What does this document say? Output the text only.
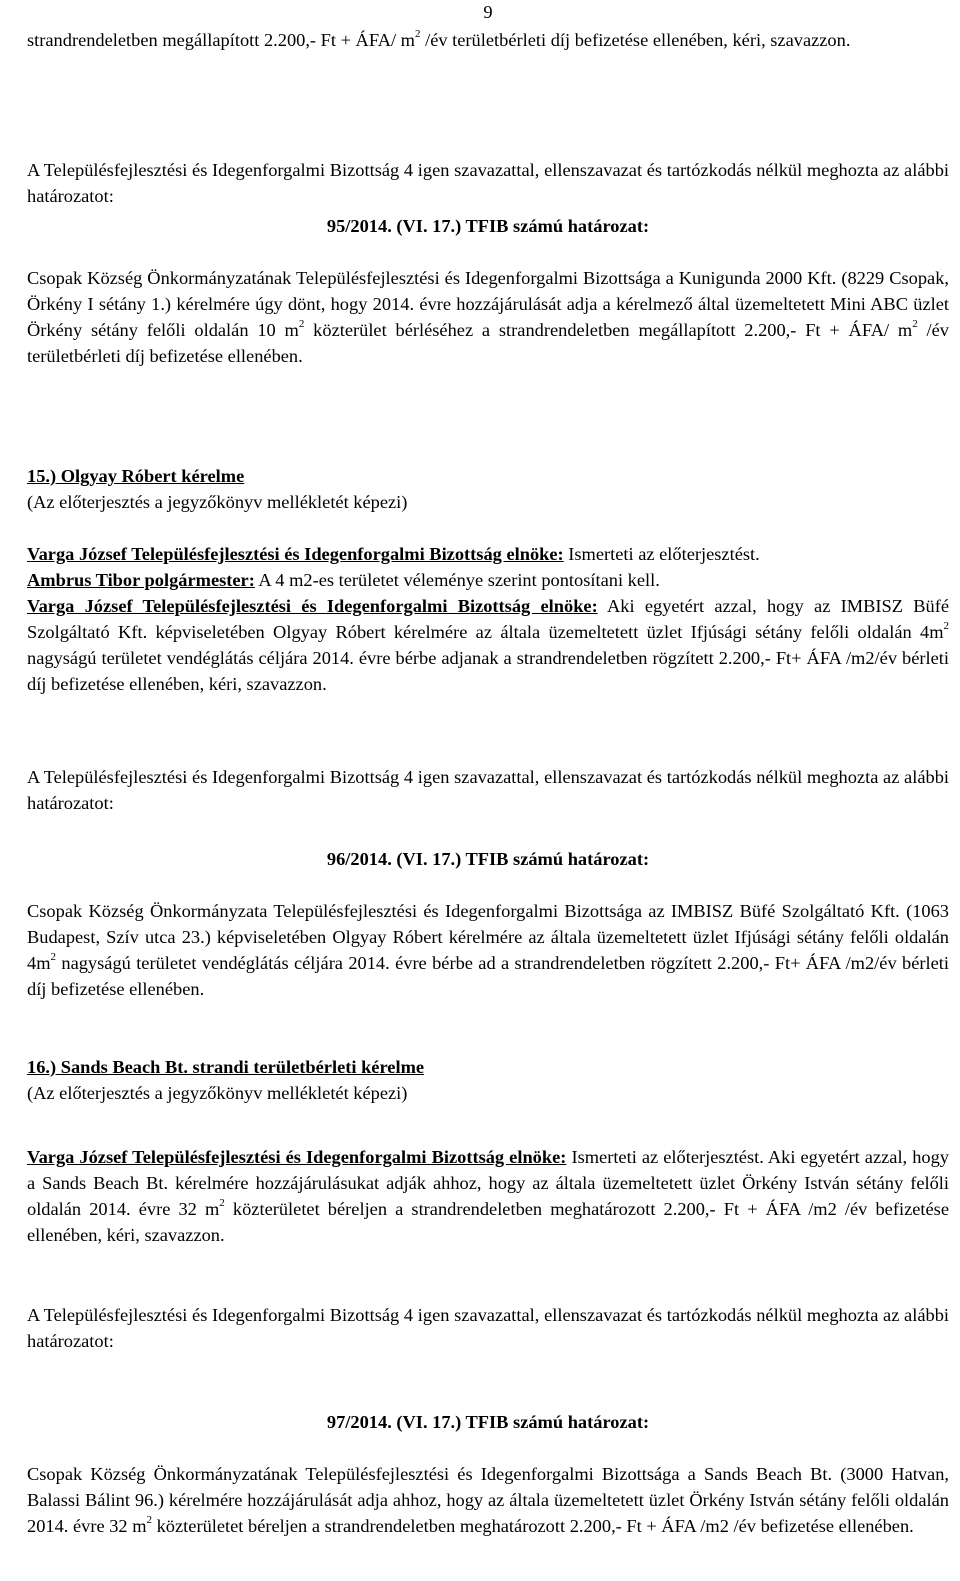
9
strandrendeletben megállapított 2.200,- Ft + ÁFA/ $m^2$ /év területbérleti díj befizetése ellenében, kéri, szavazzon.
A Településfejlesztési és Idegenforgalmi Bizottság 4 igen szavazattal, ellenszavazat és tartózkodás nélkül meghozta az alábbi határozatot:
95/2014. (VI. 17.) TFIB számú határozat:
Csopak Község Önkormányzatának Településfejlesztési és Idegenforgalmi Bizottsága a Kunigunda 2000 Kft. (8229 Csopak, Örkény I sétány 1.) kérelmére úgy dönt, hogy 2014. évre hozzájárulását adja a kérelmező által üzemeltetett Mini ABC üzlet Örkény sétány felőli oldalán 10 $m^2$ közterület bérléséhez a strandrendeletben megállapított 2.200,- Ft + ÁFA/ $m^2$ /év területbérleti díj befizetése ellenében.
15.) Olgyay Róbert kérelme
(Az előterjesztés a jegyzőkönyv mellékletét képezi)
Varga József Településfejlesztési és Idegenforgalmi Bizottság elnöke: Ismerteti az előterjesztést.
Ambrus Tibor polgármester: A 4 m2-es területet véleménye szerint pontosítani kell.
Varga József Településfejlesztési és Idegenforgalmi Bizottság elnöke: Aki egyetért azzal, hogy az IMBISZ Büfé Szolgáltató Kft. képviseletében Olgyay Róbert kérelmére az általa üzemeltetett üzlet Ifjúsági sétány felőli oldalán $4m^2$ nagyságú területet vendéglátás céljára 2014. évre bérbe adjanak a strandrendeletben rögzített 2.200,- Ft+ ÁFA /m2/év bérleti díj befizetése ellenében, kéri, szavazzon.
A Településfejlesztési és Idegenforgalmi Bizottság 4 igen szavazattal, ellenszavazat és tartózkodás nélkül meghozta az alábbi határozatot:
96/2014. (VI. 17.) TFIB számú határozat:
Csopak Község Önkormányzata Településfejlesztési és Idegenforgalmi Bizottsága az IMBISZ Büfé Szolgáltató Kft. (1063 Budapest, Szív utca 23.) képviseletében Olgyay Róbert kérelmére az általa üzemeltetett üzlet Ifjúsági sétány felőli oldalán $4m^2$ nagyságú területet vendéglátás céljára 2014. évre bérbe ad a strandrendeletben rögzített 2.200,- Ft+ ÁFA /m2/év bérleti díj befizetése ellenében.
16.) Sands Beach Bt. strandi területbérleti kérelme
(Az előterjesztés a jegyzőkönyv mellékletét képezi)
Varga József Településfejlesztési és Idegenforgalmi Bizottság elnöke: Ismerteti az előterjesztést. Aki egyetért azzal, hogy a Sands Beach Bt. kérelmére hozzájárulásukat adják ahhoz, hogy az általa üzemeltetett üzlet Örkény István sétány felőli oldalán 2014. évre 32 $m^2$ közterületet béreljen a strandrendeletben meghatározott 2.200,- Ft + ÁFA /m2 /év befizetése ellenében, kéri, szavazzon.
A Településfejlesztési és Idegenforgalmi Bizottság 4 igen szavazattal, ellenszavazat és tartózkodás nélkül meghozta az alábbi határozatot:
97/2014. (VI. 17.) TFIB számú határozat:
Csopak Község Önkormányzatának Településfejlesztési és Idegenforgalmi Bizottsága a Sands Beach Bt. (3000 Hatvan, Balassi Bálint 96.) kérelmére hozzájárulását adja ahhoz, hogy az általa üzemeltetett üzlet Örkény István sétány felőli oldalán 2014. évre 32 $m^2$ közterületet béreljen a strandrendeletben meghatározott 2.200,- Ft + ÁFA /m2 /év befizetése ellenében.
